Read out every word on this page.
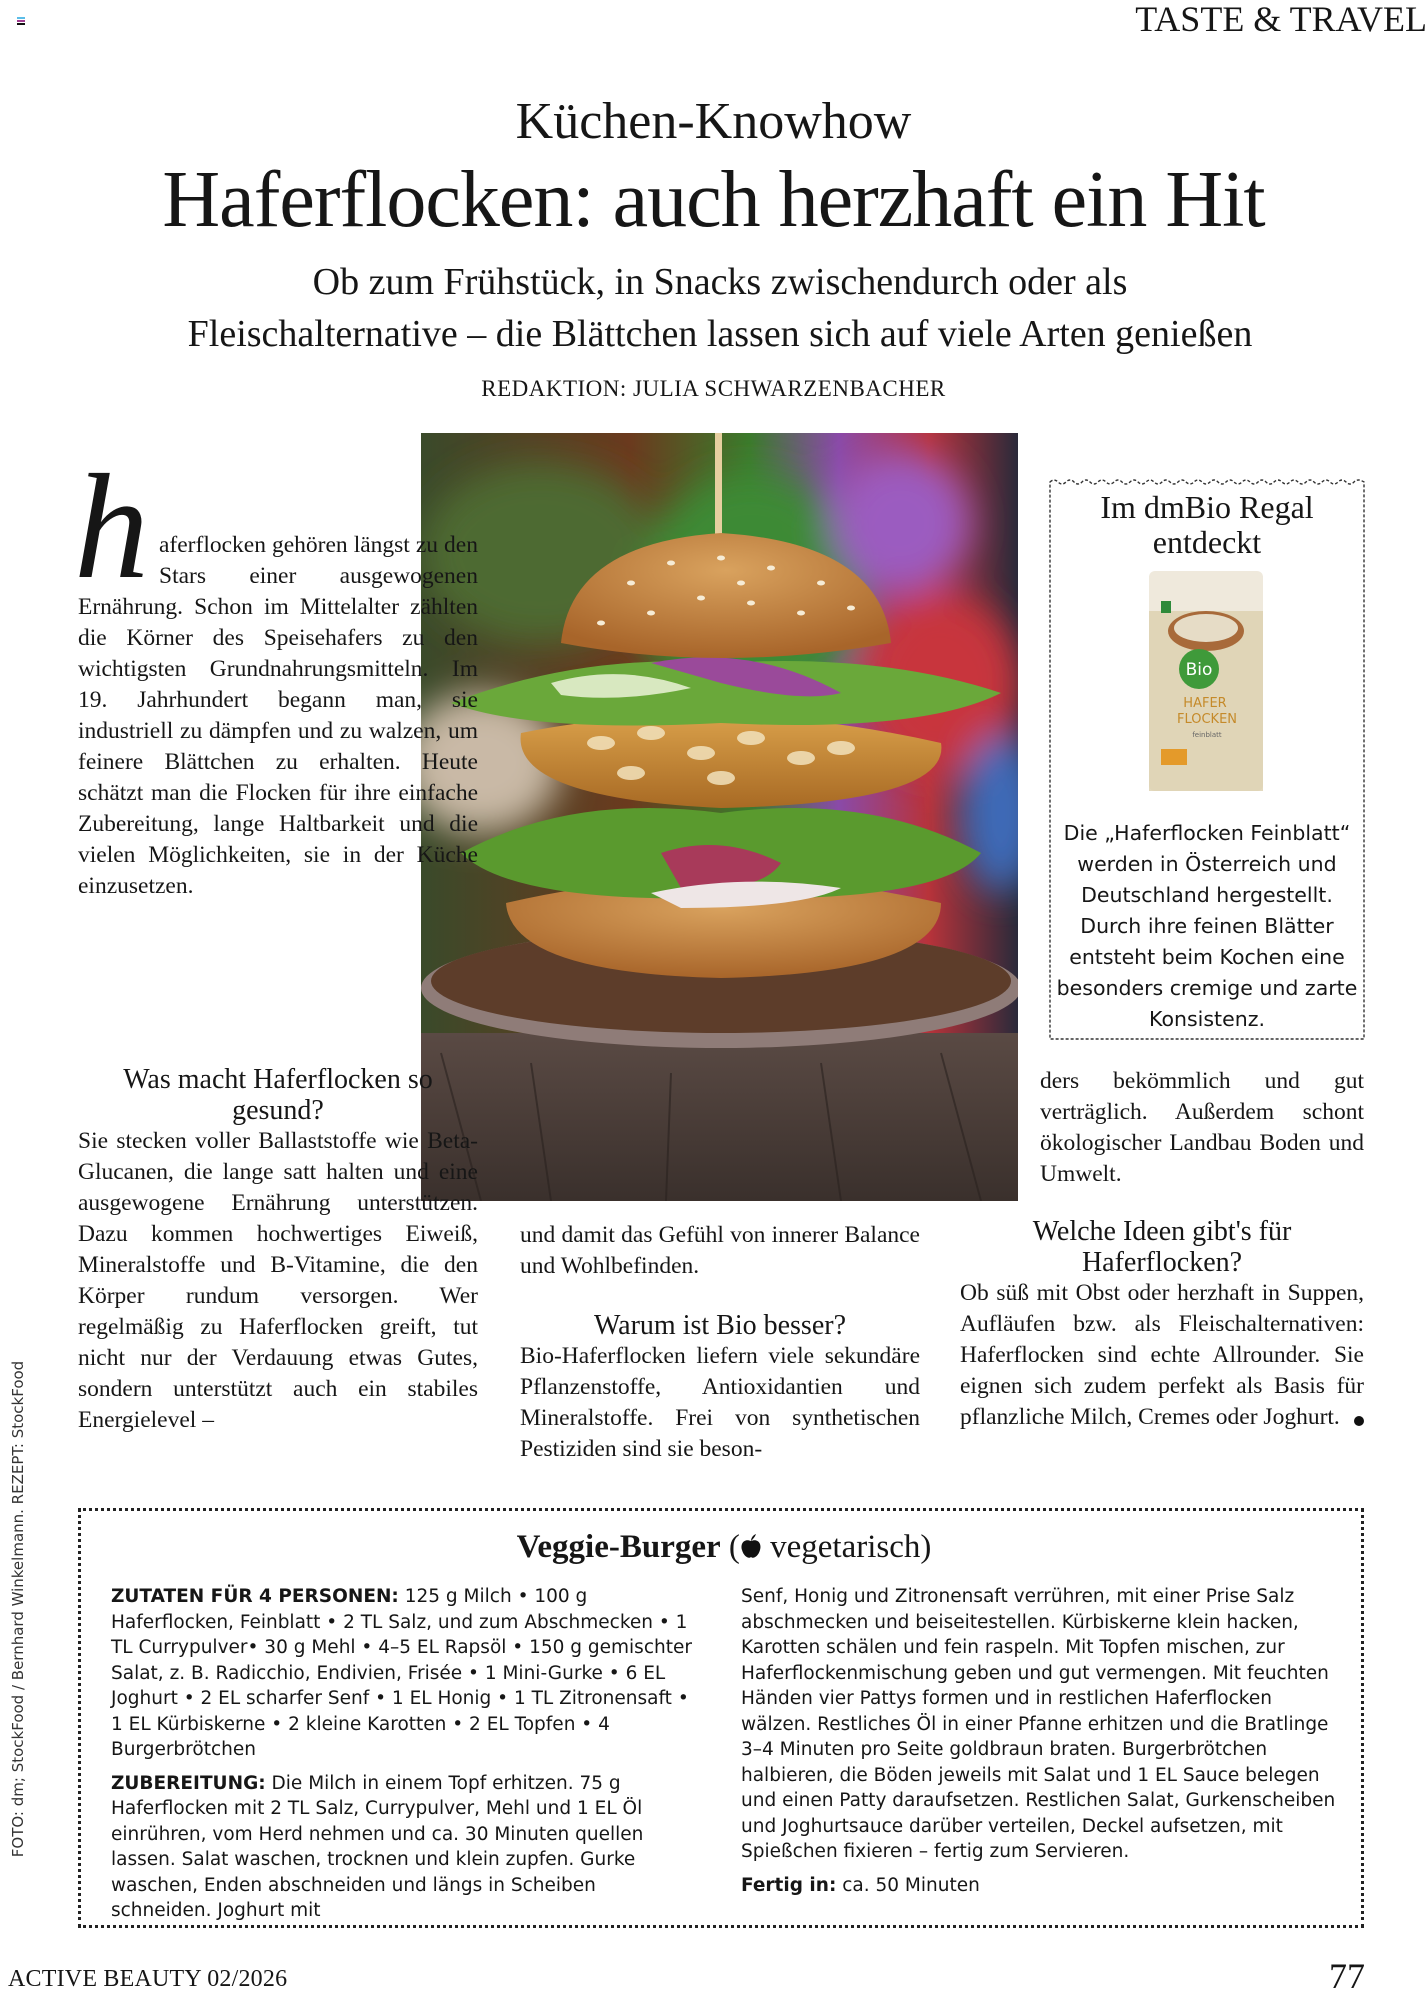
TASTE & TRAVEL
Küchen-Knowhow
Haferflocken: auch herzhaft ein Hit
Ob zum Frühstück, in Snacks zwischendurch oder als
Fleischalternative – die Blättchen lassen sich auf viele Arten genießen
REDAKTION: JULIA SCHWARZENBACHER

h aferflocken gehören längst zu den Stars einer ausgewogenen Ernährung. Schon im Mittelalter zählten die Körner des Speisehafers zu den wichtigsten Grundnahrungsmitteln. Im 19. Jahrhundert begann man, sie industriell zu dämpfen und zu walzen, um feinere Blättchen zu erhalten. Heute schätzt man die Flocken für ihre einfache Zubereitung, lange Haltbarkeit und die vielen Möglichkeiten, sie in der Küche einzusetzen.

Was macht Haferflocken so gesund?

Sie stecken voller Ballaststoffe wie Beta-Glucanen, die lange satt halten und eine ausgewogene Ernährung unterstützen. Dazu kommen hochwertiges Eiweiß, Mineralstoffe und B-Vitamine, die den Körper rundum versorgen. Wer regelmäßig zu Haferflocken greift, tut nicht nur der Verdauung etwas Gutes, sondern unterstützt auch ein stabiles Energielevel –

und damit das Gefühl von innerer Balance und Wohlbefinden.

Warum ist Bio besser?

Bio-Haferflocken liefern viele sekundäre Pflanzenstoffe, Antioxidantien und Mineralstoffe. Frei von synthetischen Pestiziden sind sie beson-

Im dmBio Regal
entdeckt
Bio
HAFER
FLOCKEN
feinblatt
Die „Haferflocken Feinblatt“ werden in Österreich und Deutschland hergestellt. Durch ihre feinen Blätter entsteht beim Kochen eine besonders cremige und zarte Konsistenz.

ders bekömmlich und gut verträglich. Außerdem schont ökologischer Landbau Boden und Umwelt.

Welche Ideen gibt's für Haferflocken?

Ob süß mit Obst oder herzhaft in Suppen, Aufläufen bzw. als Fleischalternativen: Haferflocken sind echte Allrounder. Sie eignen sich zudem perfekt als Basis für pflanzliche Milch, Cremes oder Joghurt.

Veggie-Burger ( vegetarisch)

ZUTATEN FÜR 4 PERSONEN: 125 g Milch • 100 g Haferflocken, Feinblatt • 2 TL Salz, und zum Abschmecken • 1 TL Currypulver• 30 g Mehl • 4–5 EL Rapsöl • 150 g gemischter Salat, z. B. Radicchio, Endivien, Frisée • 1 Mini-Gurke • 6 EL Joghurt • 2 EL scharfer Senf • 1 EL Honig • 1 TL Zitronensaft • 1 EL Kürbiskerne • 2 kleine Karotten • 2 EL Topfen • 4 Burgerbrötchen

ZUBEREITUNG: Die Milch in einem Topf erhitzen. 75 g Haferflocken mit 2 TL Salz, Currypulver, Mehl und 1 EL Öl einrühren, vom Herd nehmen und ca. 30 Minuten quellen lassen. Salat waschen, trocknen und klein zupfen. Gurke waschen, Enden abschneiden und längs in Scheiben schneiden. Joghurt mit

Senf, Honig und Zitronensaft verrühren, mit einer Prise Salz abschmecken und beiseitestellen. Kürbiskerne klein hacken, Karotten schälen und fein raspeln. Mit Topfen mischen, zur Haferflockenmischung geben und gut vermengen. Mit feuchten Händen vier Pattys formen und in restlichen Haferflocken wälzen. Restliches Öl in einer Pfanne erhitzen und die Bratlinge 3–4 Minuten pro Seite goldbraun braten. Burgerbrötchen halbieren, die Böden jeweils mit Salat und 1 EL Sauce belegen und einen Patty daraufsetzen. Restlichen Salat, Gurkenscheiben und Joghurtsauce darüber verteilen, Deckel aufsetzen, mit Spießchen fixieren – fertig zum Servieren.

Fertig in: ca. 50 Minuten

FOTO: dm; StockFood / Bernhard Winkelmann. REZEPT: StockFood
ACTIVE BEAUTY 02/2026	77
